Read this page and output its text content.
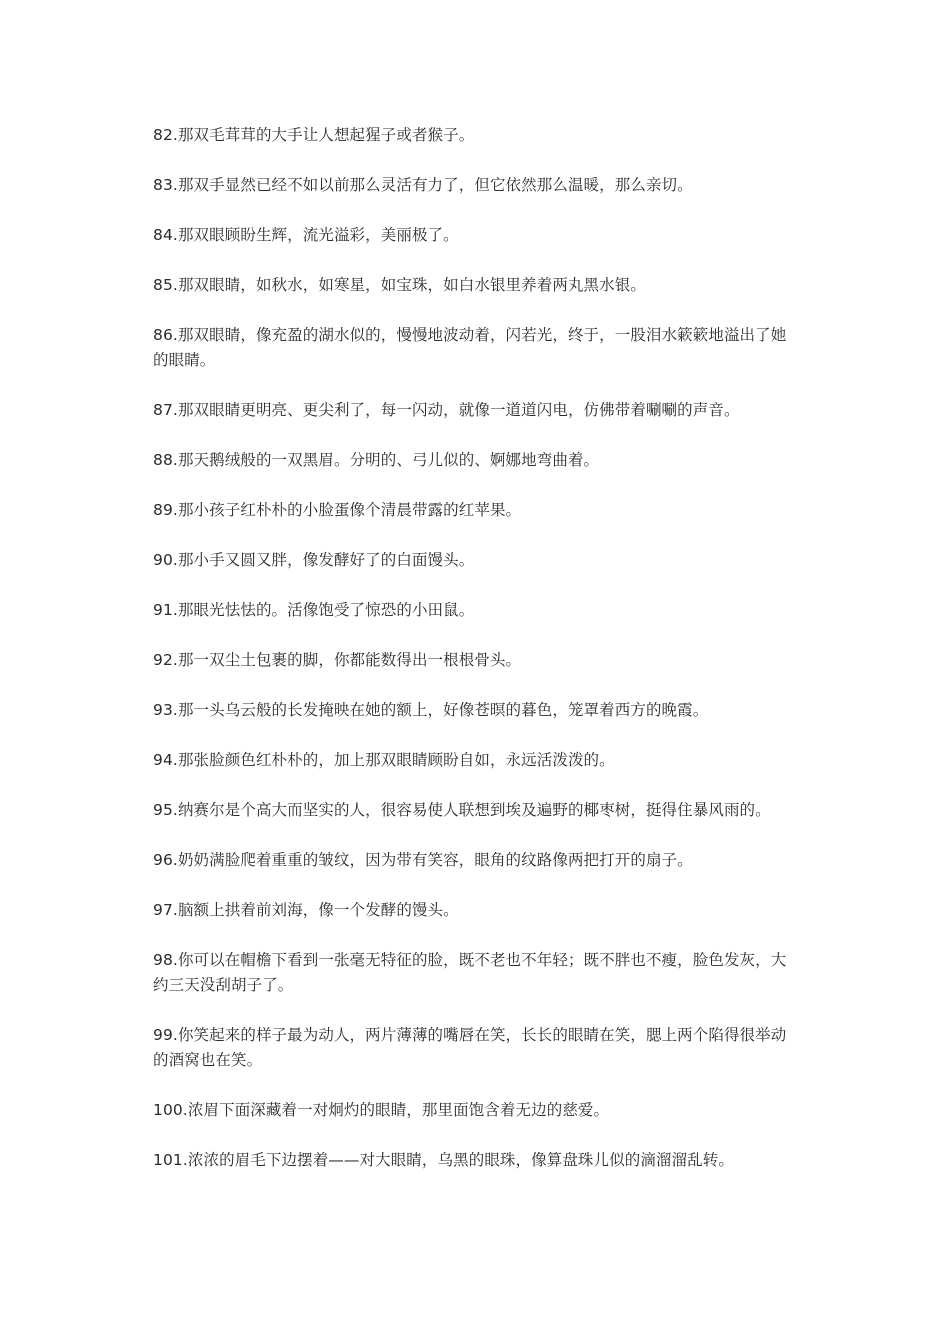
82.那双毛茸茸的大手让人想起猩子或者猴子。

83.那双手显然已经不如以前那么灵活有力了，但它依然那么温暖，那么亲切。

84.那双眼顾盼生辉，流光溢彩，美丽极了。

85.那双眼睛，如秋水，如寒星，如宝珠，如白水银里养着两丸黑水银。

86.那双眼睛，像充盈的湖水似的，慢慢地波动着，闪若光，终于，一股泪水簌簌地溢出了她的眼睛。

87.那双眼睛更明亮、更尖利了，每一闪动，就像一道道闪电，仿佛带着唰唰的声音。

88.那天鹅绒般的一双黑眉。分明的、弓儿似的、婀娜地弯曲着。

89.那小孩子红朴朴的小脸蛋像个清晨带露的红苹果。

90.那小手又圆又胖，像发酵好了的白面馒头。

91.那眼光怯怯的。活像饱受了惊恐的小田鼠。

92.那一双尘土包裹的脚，你都能数得出一根根骨头。

93.那一头乌云般的长发掩映在她的额上，好像苍暝的暮色，笼罩着西方的晚霞。

94.那张脸颜色红朴朴的，加上那双眼睛顾盼自如，永远活泼泼的。

95.纳赛尔是个高大而坚实的人，很容易使人联想到埃及遍野的椰枣树，挺得住暴风雨的。

96.奶奶满脸爬着重重的皱纹，因为带有笑容，眼角的纹路像两把打开的扇子。

97.脑额上拱着前刘海，像一个发酵的馒头。

98.你可以在帽檐下看到一张毫无特征的脸，既不老也不年轻；既不胖也不瘦，脸色发灰，大约三天没刮胡子了。

99.你笑起来的样子最为动人，两片薄薄的嘴唇在笑，长长的眼睛在笑，腮上两个陷得很举动的酒窝也在笑。

100.浓眉下面深藏着一对炯灼的眼睛，那里面饱含着无边的慈爱。

101.浓浓的眉毛下边摆着——对大眼睛，乌黑的眼珠，像算盘珠儿似的滴溜溜乱转。
